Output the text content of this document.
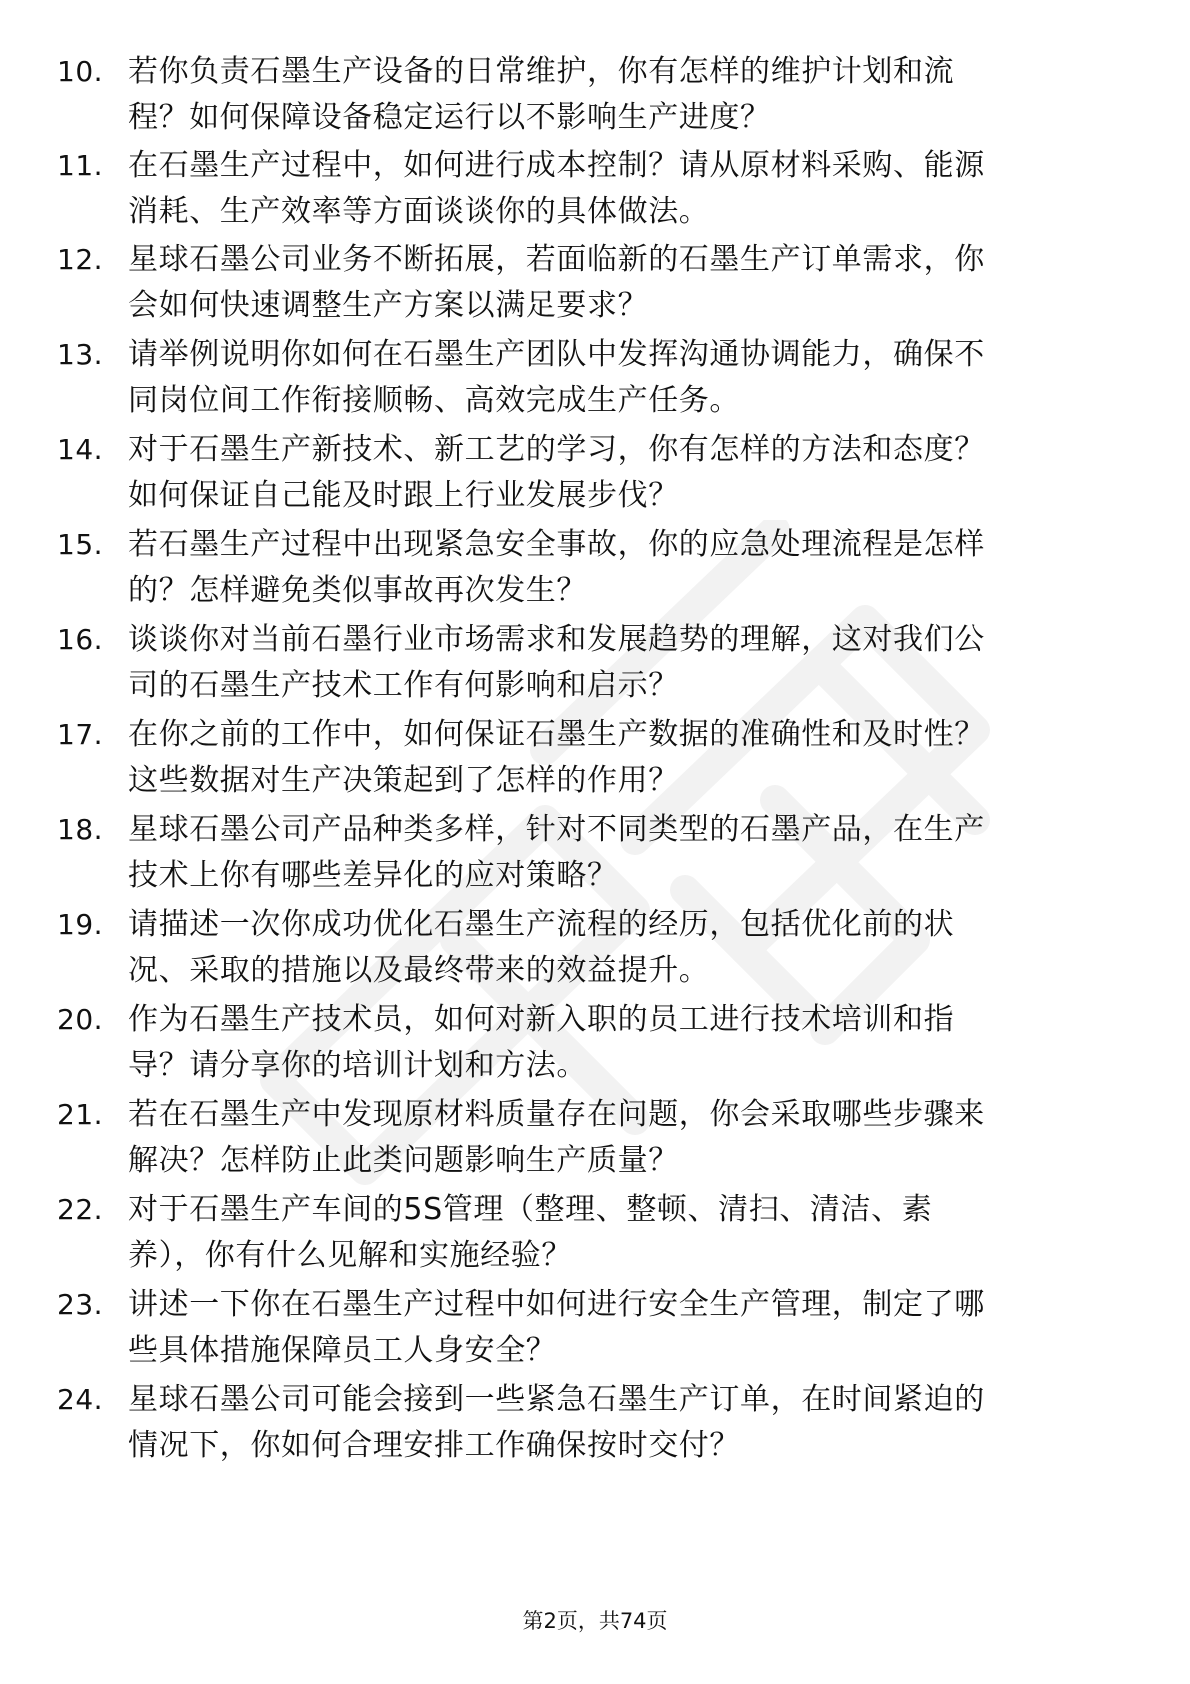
10. 若你负责石墨生产设备的日常维护，你有怎样的维护计划和流
程？如何保障设备稳定运行以不影响生产进度？
11. 在石墨生产过程中，如何进行成本控制？请从原材料采购、能源
消耗、生产效率等方面谈谈你的具体做法。
12. 星球石墨公司业务不断拓展，若面临新的石墨生产订单需求，你
会如何快速调整生产方案以满足要求？
13. 请举例说明你如何在石墨生产团队中发挥沟通协调能力，确保不
同岗位间工作衔接顺畅、高效完成生产任务。
14. 对于石墨生产新技术、新工艺的学习，你有怎样的方法和态度？
如何保证自己能及时跟上行业发展步伐？
15. 若石墨生产过程中出现紧急安全事故，你的应急处理流程是怎样
的？怎样避免类似事故再次发生？
16. 谈谈你对当前石墨行业市场需求和发展趋势的理解，这对我们公
司的石墨生产技术工作有何影响和启示？
17. 在你之前的工作中，如何保证石墨生产数据的准确性和及时性？
这些数据对生产决策起到了怎样的作用？
18. 星球石墨公司产品种类多样，针对不同类型的石墨产品，在生产
技术上你有哪些差异化的应对策略？
19. 请描述一次你成功优化石墨生产流程的经历，包括优化前的状
况、采取的措施以及最终带来的效益提升。
20. 作为石墨生产技术员，如何对新入职的员工进行技术培训和指
导？请分享你的培训计划和方法。
21. 若在石墨生产中发现原材料质量存在问题，你会采取哪些步骤来
解决？怎样防止此类问题影响生产质量？
22. 对于石墨生产车间的5S管理（整理、整顿、清扫、清洁、素
养），你有什么见解和实施经验？
23. 讲述一下你在石墨生产过程中如何进行安全生产管理，制定了哪
些具体措施保障员工人身安全？
24. 星球石墨公司可能会接到一些紧急石墨生产订单，在时间紧迫的
情况下，你如何合理安排工作确保按时交付？
第2页，共74页
